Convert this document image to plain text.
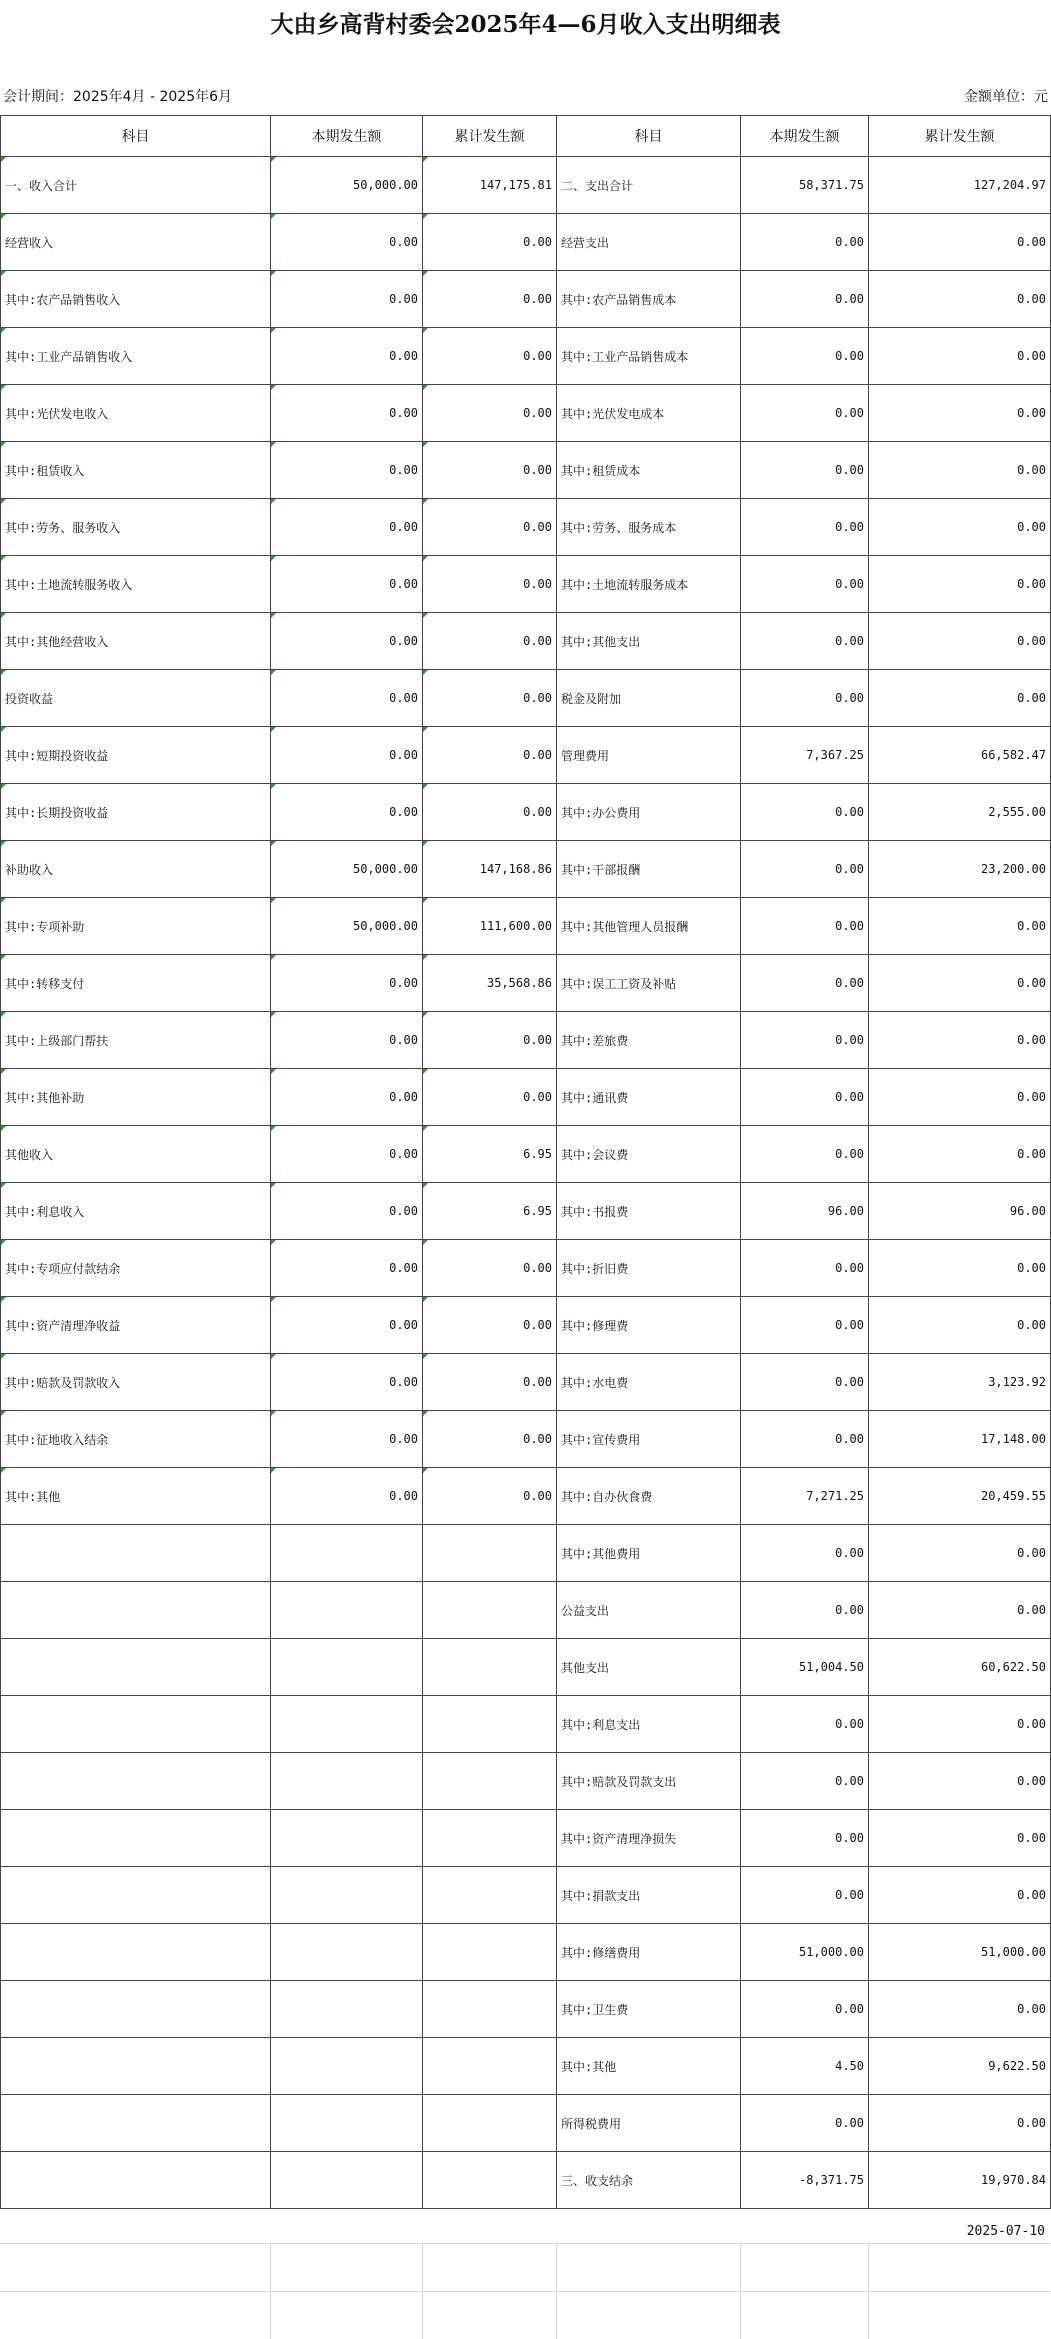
大由乡高背村委会2025年4—6月收入支出明细表
会计期间：2025年4月 - 2025年6月	金额单位：元
科目	本期发生额	累计发生额	科目	本期发生额	累计发生额
一、收入合计	50,000.00	147,175.81	二、支出合计	58,371.75	127,204.97
经营收入	0.00	0.00	经营支出	0.00	0.00
其中:农产品销售收入	0.00	0.00	其中:农产品销售成本	0.00	0.00
其中:工业产品销售收入	0.00	0.00	其中:工业产品销售成本	0.00	0.00
其中:光伏发电收入	0.00	0.00	其中:光伏发电成本	0.00	0.00
其中:租赁收入	0.00	0.00	其中:租赁成本	0.00	0.00
其中:劳务、服务收入	0.00	0.00	其中:劳务、服务成本	0.00	0.00
其中:土地流转服务收入	0.00	0.00	其中:土地流转服务成本	0.00	0.00
其中:其他经营收入	0.00	0.00	其中:其他支出	0.00	0.00
投资收益	0.00	0.00	税金及附加	0.00	0.00
其中:短期投资收益	0.00	0.00	管理费用	7,367.25	66,582.47
其中:长期投资收益	0.00	0.00	其中:办公费用	0.00	2,555.00
补助收入	50,000.00	147,168.86	其中:干部报酬	0.00	23,200.00
其中:专项补助	50,000.00	111,600.00	其中:其他管理人员报酬	0.00	0.00
其中:转移支付	0.00	35,568.86	其中:误工工资及补贴	0.00	0.00
其中:上级部门帮扶	0.00	0.00	其中:差旅费	0.00	0.00
其中:其他补助	0.00	0.00	其中:通讯费	0.00	0.00
其他收入	0.00	6.95	其中:会议费	0.00	0.00
其中:利息收入	0.00	6.95	其中:书报费	96.00	96.00
其中:专项应付款结余	0.00	0.00	其中:折旧费	0.00	0.00
其中:资产清理净收益	0.00	0.00	其中:修理费	0.00	0.00
其中:赔款及罚款收入	0.00	0.00	其中:水电费	0.00	3,123.92
其中:征地收入结余	0.00	0.00	其中:宣传费用	0.00	17,148.00
其中:其他	0.00	0.00	其中:自办伙食费	7,271.25	20,459.55
			其中:其他费用	0.00	0.00
			公益支出	0.00	0.00
			其他支出	51,004.50	60,622.50
			其中:利息支出	0.00	0.00
			其中:赔款及罚款支出	0.00	0.00
			其中:资产清理净损失	0.00	0.00
			其中:捐款支出	0.00	0.00
			其中:修缮费用	51,000.00	51,000.00
			其中:卫生费	0.00	0.00
			其中:其他	4.50	9,622.50
			所得税费用	0.00	0.00
			三、收支结余	-8,371.75	19,970.84
2025-07-10
